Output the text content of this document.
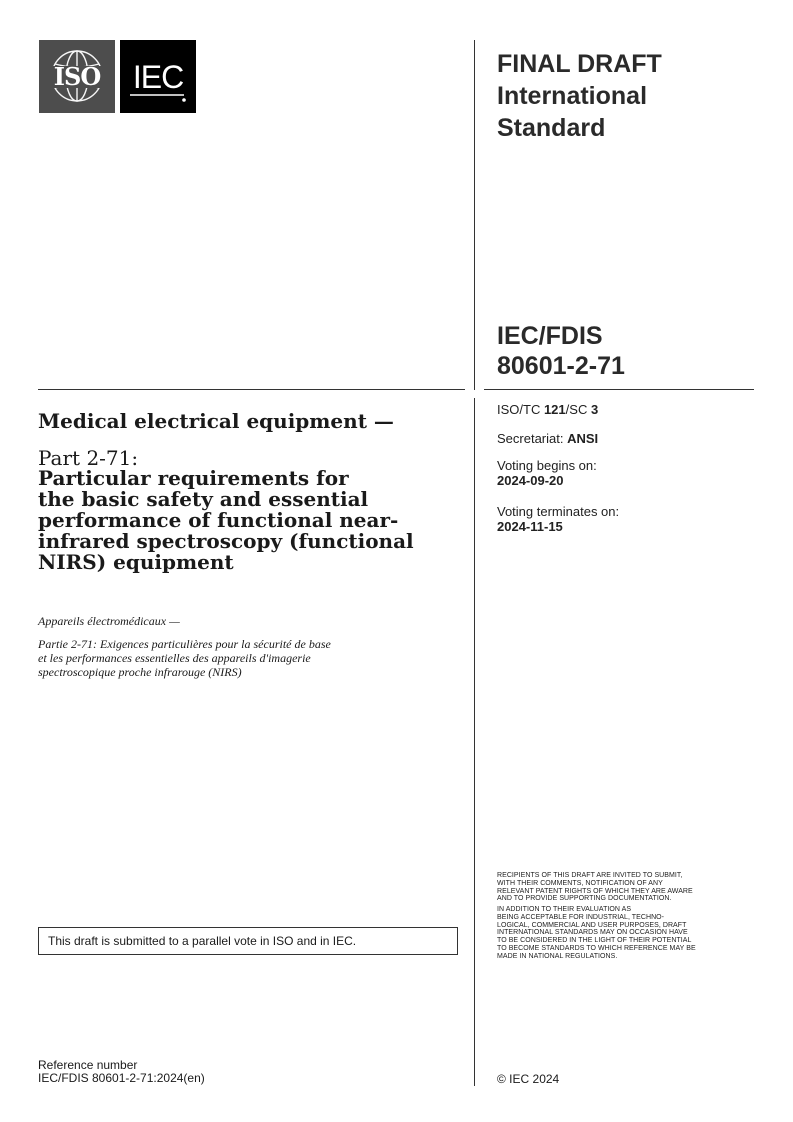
ISO IEC	FINAL DRAFT
International
Standard
IEC/FDIS
80601-2-71
ISO/TC 121/SC 3
Secretariat: ANSI
Voting begins on:
2024-09-20
Voting terminates on:
2024-11-15
Medical electrical equipment —
Part 2-71:
Particular requirements for
the basic safety and essential
performance of functional near-
infrared spectroscopy (functional
NIRS) equipment
Appareils électromédicaux —
Partie 2-71: Exigences particulières pour la sécurité de base
et les performances essentielles des appareils d'imagerie
spectroscopique proche infrarouge (NIRS)
RECIPIENTS OF THIS DRAFT ARE INVITED TO SUBMIT,
WITH THEIR COMMENTS, NOTIFICATION OF ANY
RELEVANT PATENT RIGHTS OF WHICH THEY ARE AWARE
AND TO PROVIDE SUPPORTING DOCUMENTATION.
IN ADDITION TO THEIR EVALUATION AS
BEING ACCEPTABLE FOR INDUSTRIAL, TECHNO-
LOGICAL, COMMERCIAL AND USER PURPOSES, DRAFT
INTERNATIONAL STANDARDS MAY ON OCCASION HAVE
TO BE CONSIDERED IN THE LIGHT OF THEIR POTENTIAL
TO BECOME STANDARDS TO WHICH REFERENCE MAY BE
MADE IN NATIONAL REGULATIONS.
This draft is submitted to a parallel vote in ISO and in IEC.
Reference number
IEC/FDIS 80601-2-71:2024(en)	© IEC 2024
